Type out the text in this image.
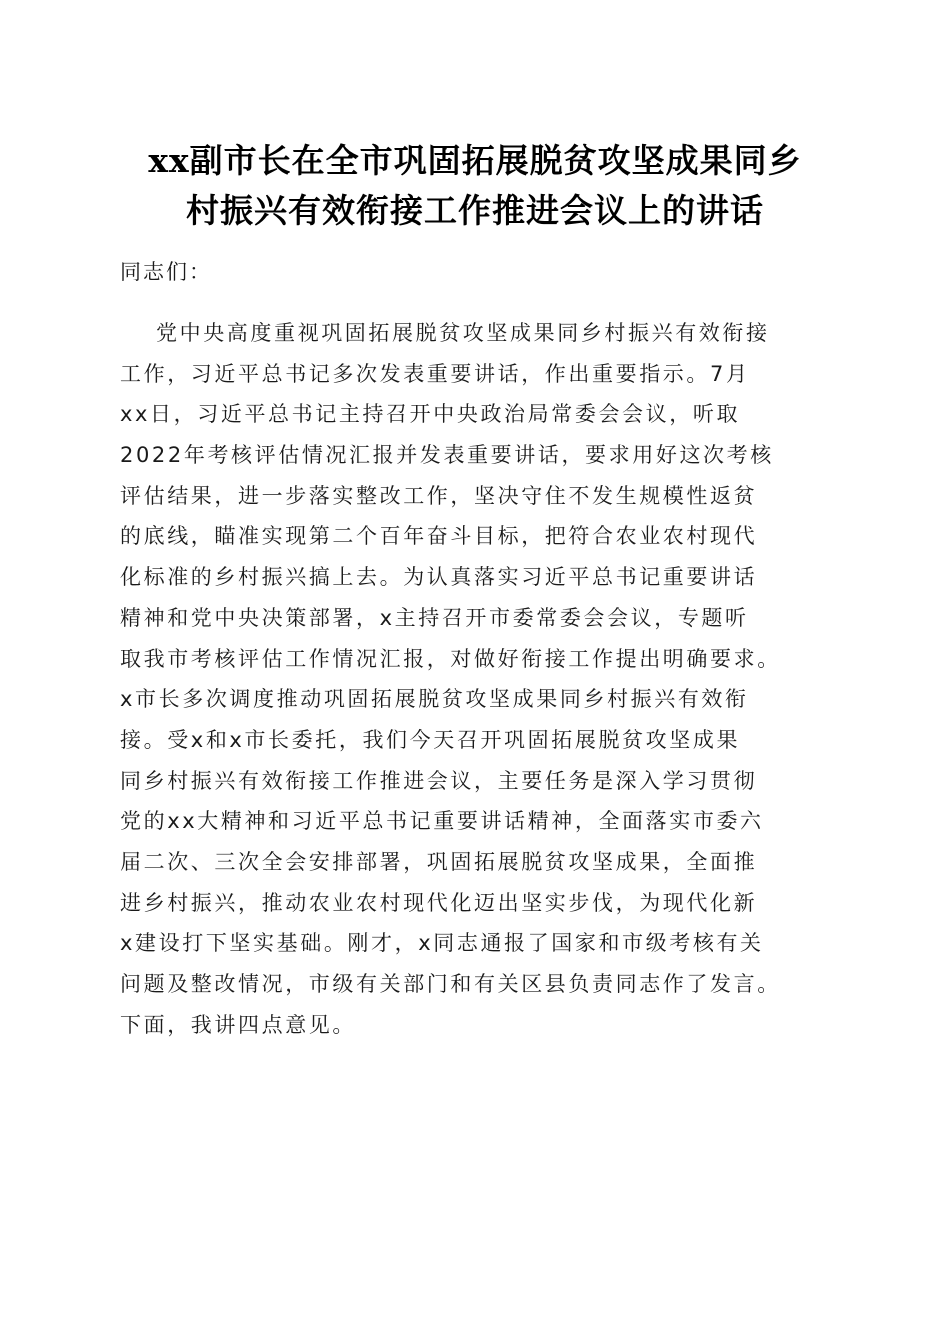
xx副市长在全市巩固拓展脱贫攻坚成果同乡
村振兴有效衔接工作推进会议上的讲话
同志们：
党中央高度重视巩固拓展脱贫攻坚成果同乡村振兴有效衔接
工作，习近平总书记多次发表重要讲话，作出重要指示。7月
xx日，习近平总书记主持召开中央政治局常委会会议，听取
2022年考核评估情况汇报并发表重要讲话，要求用好这次考核
评估结果，进一步落实整改工作，坚决守住不发生规模性返贫
的底线，瞄准实现第二个百年奋斗目标，把符合农业农村现代
化标准的乡村振兴搞上去。为认真落实习近平总书记重要讲话
精神和党中央决策部署，x主持召开市委常委会会议，专题听
取我市考核评估工作情况汇报，对做好衔接工作提出明确要求。
x市长多次调度推动巩固拓展脱贫攻坚成果同乡村振兴有效衔
接。受x和x市长委托，我们今天召开巩固拓展脱贫攻坚成果
同乡村振兴有效衔接工作推进会议，主要任务是深入学习贯彻
党的xx大精神和习近平总书记重要讲话精神，全面落实市委六
届二次、三次全会安排部署，巩固拓展脱贫攻坚成果，全面推
进乡村振兴，推动农业农村现代化迈出坚实步伐，为现代化新
x建设打下坚实基础。刚才，x同志通报了国家和市级考核有关
问题及整改情况，市级有关部门和有关区县负责同志作了发言。
下面，我讲四点意见。
